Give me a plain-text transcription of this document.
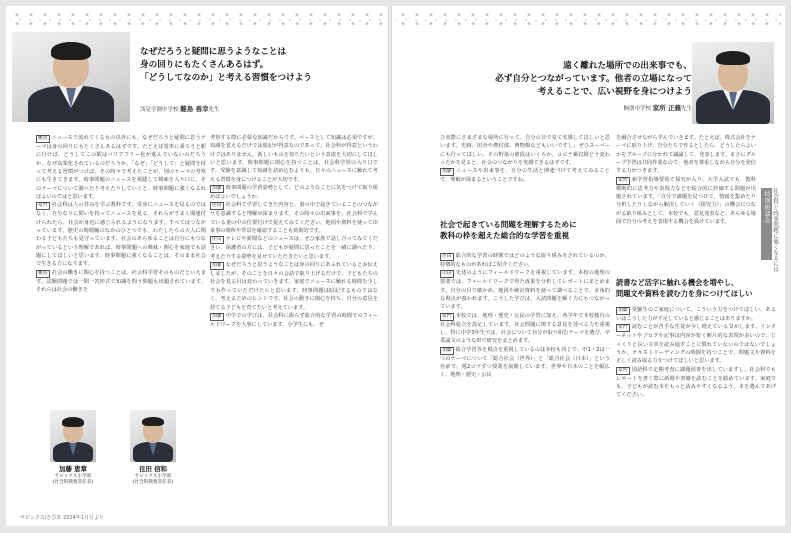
なぜだろうと疑問に思うようなことは
身の回りにもたくさんあるはず。
「どうしてなのか」と考える習慣をつけよう
浅見学園中学校 難島 善幸先生

難島 ニュースで流れてくるもの以外にも、なぜだろうと疑問に思うテーマは身の回りにもたくさんあるはずです。たとえば電車に乗ろうと駅に行けば、どうしてこの駅はバリアフリー化が進んでいないのだろうか、なぜ高架化されているのだろうか。「なぜ」「どうして」と疑問を持って考える習慣がつけば、その時々で考えたことが、別のテーマの考察にも生きてきます。時事問題のニュースを視聴して興味を入り口に、そのテーマについて調べたり考えたりしていくと、時事問題に強くなるればよいのではと思います。

家門 社会科は人の営みを学ぶ教科です。受身にニュースを見るのではなく、自分なりに問いを持ってニュースを見る。それらがうまく関連付けられたら、社会が身近に感じられるようになります。すべてはつながっています。歴史の時間軸のなかのひとつでも、わたしたちの大人に関わる子どもたちも見守っています。社会のあらゆることは自分にもつながっているという理解であれば、時事問題への興味・関心を家庭でも話題にしてほしいと思います。時事問題に強くなることは、そのまま社会で生きる力になります。

難島 社会の働きに関心を持つことは、社会科学習そのものだといえます。試験問題では一問一答形式で知識を問う問題も出題されています。それらは社会の働きを

加藤 恵章
サピックス小学部
(社会科教務責任者)
住田 信和
サピックス小学部
(社会科教務責任者)

考察する際に必要な知識だからです。ベースとして知識は必須ですが、知識を覚えるだけでは暗記が得意なのであって、社会科が得意というわけではありません。新しいものを知りたいという意欲を大切にしてほしいと思います。時事問題に関心を持つことは、社会科学習の入り口です。受験を意識して知識を詰め込むよりも、日々のニュースに触れて考える習慣を身につけることが大切です。

加藤 時事問題の学習姿勢として、どのようなことに気をつけて取り組めばよいでしょうか。

住田 社会科で学習してきた内容と、妻の中で起きていることのつながりを意識すると理解が深まります。その時々の出来事を、社会科で学んでいる妻の中の位置付けで捉えてみてください。地図や資料を使って出来事の場所や背景を確認することも効果的です。

住田 テレビや新聞などのニュースは、ぜひ家族で話し合ってみてください。保護者の方には、子どもが疑問に思ったことを一緒に調べたり、考えたりする姿勢を見せていただきたいと思います。

加藤 なぜだろうと思うようなことは身の回りにあふれているとお伝えしましたが、そのことを日々の会話で取り上げるだけで、子どもたちの社会を見る目は変わっていきます。家庭でニュースに触れる時間を少しでも作っていただけたらと思います。時事問題は暗記するものではなく、考えるためのヒントです。社会の動きに関心を持ち、自分の意見を持てる子どもを育てたいと考えています。

加藤 中学での学びは、社会科に限らず総合的な学習の時間でのフィールドワークを大事にしています。小学生にも、ぜ

サピックス/さぴあ 2024年1月号より
遠く離れた場所での出来事でも、
必ず自分とつながっています。他者の立場になって
考えることで、広い視野を身につけよう
桐朋中学校 家所 正義先生

ひ実際にさまざまな場所に行って、自分の目で見て実感してほしいと思います。史跡、田舎や農村部、博物館などもいいですし、ぜひスーパーにも行ってほしい。その野菜の値段はいくらか、コロナ禍以降どう変わったかを見ると、社会のつながりを実感できるはずです。

加藤 ニュースや出来事を、自分の生活と関連づけて考えてみることで、理解が深まるということですね。

社会で起きている問題を理解するために
教科の枠を超えた総合的な学習を重視

住田 総合的な学習の時間ではどのような取り組みをされているのか、特徴的なものがあればご紹介ください。

山田 先述のようにフィールドワークを重視しています。本校の地理の授業では、フィールドワークで得た成果を分析してレポートにまとめます。自分の目で確かめ、地図や統計資料を使って調べることで、多角的な視点が養われます。こうした学びは、入試問題を解く力にもつながっています。

家門 本校では、地理・歴史・公民の学習に加え、各学年で本校独自の社会科総合を設定しています。社会問題に関する意見を述べる力を重視し、特に中学3年生では、社会について自分が取り組むテーマを選び、卒業論文のような形で研究をまとめます。

加藤 総合学習等を視点を重視しているのは本校も同じで、中1・2は一つのテーマについて「総合社会（世界）」と「総合社会（日本）」という名前で、週2コマずつ授業を展開しています。世界や日本のことを幅広く、地理・歴史・公民

を融合させながら学んでいきます。たとえば、株式会社をテーマに取り上げ、自分たちで作るとしたら、どうしたらよいかをグループに分かれて議論して、発表します。まさにグループ学習は共同作業なので、他者を尊重しながら自分を発信する力がつきます。

家所 新学習指導要領で探究が入り、大学入試でも、教科横断的に思考力や表現力などを総合的に評価する問題が出題されています。「自分で課題を見つけて、情報を集めたり分析したりしながら解決していく（探究力）」の機会につながる取り組みとして、本校でも、意見発表など、あらゆる場面で自分の考えを表現する機会を設けています。

読書など活字に触れる機会を増やし、
問題文や資料を読む力を身につけてほしい

加藤 受験生のご家庭について、こういう力をつけてほしい、あるいはこうした力が不足していると感じることはありますか。

家門 読むことが苦手な生徒が少し増えている気がします。インターネットやブログや記事は内容が短く断片的な表現が多いので、じっくりと長い文章を読み通すことに慣れていないのではないでしょうか。テキストリーディングの時間を持つことで、問題文や資料を正しく読み取る力をつけてほしいと思います。

家所 国語科で定期考査に課題図書を出していますし、社会科でもレポートを書く際に新聞や書籍を読むことを勧めています。家庭でも、子どもが読む本をもっと読みやすくなるよう、本を選んであげてください。

特別座談会 社会科と時事問題に強くなるには
